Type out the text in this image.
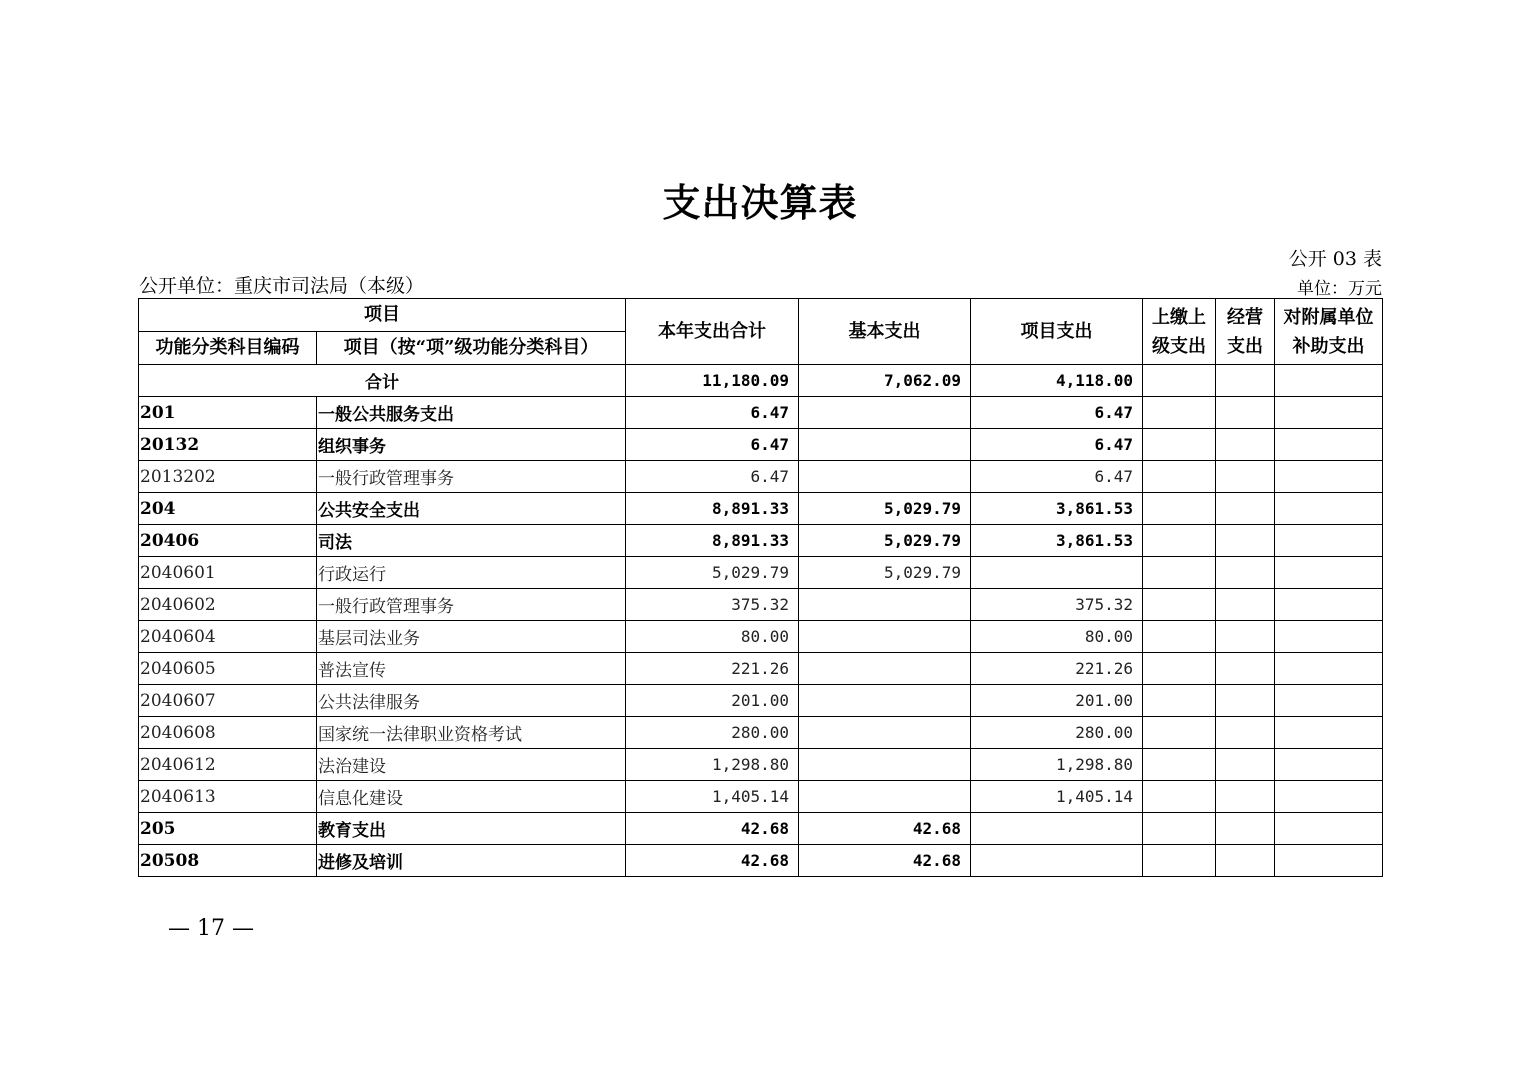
支出决算表
公开 03 表
公开单位：重庆市司法局（本级）	单位：万元
项目		本年支出合计	基本支出	项目支出	上缴上级支出	经营支出	对附属单位补助支出
功能分类科目编码	项目（按“项”级功能分类科目）						
合计		11,180.09	7,062.09	4,118.00			
201	一般公共服务支出	6.47		6.47			
20132	组织事务	6.47		6.47			
2013202	一般行政管理事务	6.47		6.47			
204	公共安全支出	8,891.33	5,029.79	3,861.53			
20406	司法	8,891.33	5,029.79	3,861.53			
2040601	行政运行	5,029.79	5,029.79				
2040602	一般行政管理事务	375.32		375.32			
2040604	基层司法业务	80.00		80.00			
2040605	普法宣传	221.26		221.26			
2040607	公共法律服务	201.00		201.00			
2040608	国家统一法律职业资格考试	280.00		280.00			
2040612	法治建设	1,298.80		1,298.80			
2040613	信息化建设	1,405.14		1,405.14			
205	教育支出	42.68	42.68				
20508	进修及培训	42.68	42.68				
— 17 —
